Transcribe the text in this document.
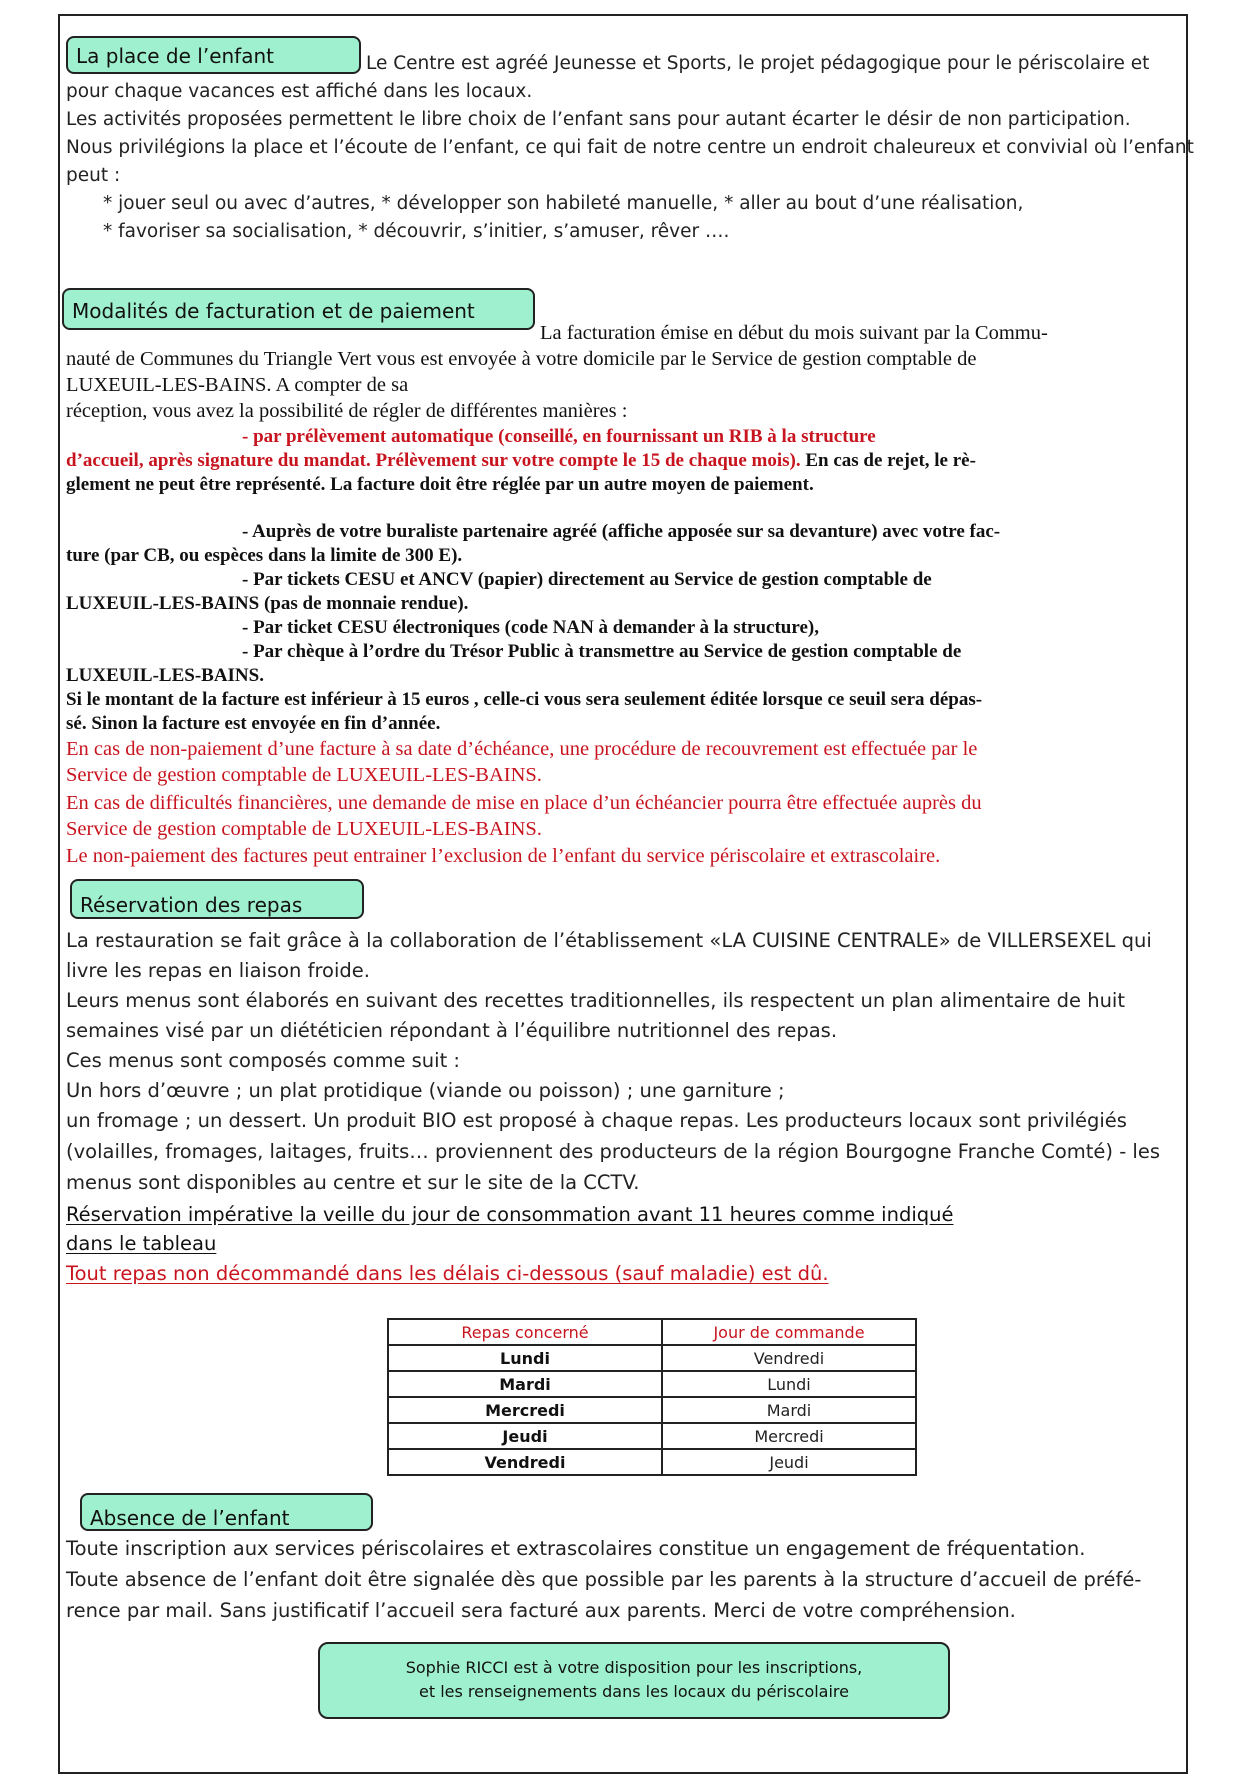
La place de l’enfant	Le Centre est agréé Jeunesse et Sports, le projet pédagogique pour le périscolaire et
pour chaque vacances est affiché dans les locaux.
Les activités proposées permettent le libre choix de l’enfant sans pour autant écarter le désir de non participation.
Nous privilégions la place et l’écoute de l’enfant, ce qui fait de notre centre un endroit chaleureux et convivial où l’enfant
peut :
* jouer seul ou avec d’autres, * développer son habileté manuelle, * aller au bout d’une réalisation,
* favoriser sa socialisation, * découvrir, s’initier, s’amuser, rêver ….
Modalités de facturation et de paiement
La facturation émise en début du mois suivant par la Commu-
nauté de Communes du Triangle Vert vous est envoyée à votre domicile par le Service de gestion comptable de
LUXEUIL-LES-BAINS. A compter de sa
réception, vous avez la possibilité de régler de différentes manières :
- par prélèvement automatique (conseillé, en fournissant un RIB à la structure
d’accueil, après signature du mandat. Prélèvement sur votre compte le 15 de chaque mois). En cas de rejet, le rè-
glement ne peut être représenté. La facture doit être réglée par un autre moyen de paiement.
- Auprès de votre buraliste partenaire agréé (affiche apposée sur sa devanture) avec votre fac-
ture (par CB, ou espèces dans la limite de 300 E).
- Par tickets CESU et ANCV (papier) directement au Service de gestion comptable de
LUXEUIL-LES-BAINS (pas de monnaie rendue).
- Par ticket CESU électroniques (code NAN à demander à la structure),
- Par chèque à l’ordre du Trésor Public à transmettre au Service de gestion comptable de
LUXEUIL-LES-BAINS.
Si le montant de la facture est inférieur à 15 euros , celle-ci vous sera seulement éditée lorsque ce seuil sera dépas-
sé. Sinon la facture est envoyée en fin d’année.
En cas de non-paiement d’une facture à sa date d’échéance, une procédure de recouvrement est effectuée par le
Service de gestion comptable de LUXEUIL-LES-BAINS.
En cas de difficultés financières, une demande de mise en place d’un échéancier pourra être effectuée auprès du
Service de gestion comptable de LUXEUIL-LES-BAINS.
Le non-paiement des factures peut entrainer l’exclusion de l’enfant du service périscolaire et extrascolaire.
Réservation des repas
La restauration se fait grâce à la collaboration de l’établissement «LA CUISINE CENTRALE» de VILLERSEXEL qui
livre les repas en liaison froide.
Leurs menus sont élaborés en suivant des recettes traditionnelles, ils respectent un plan alimentaire de huit
semaines visé par un diététicien répondant à l’équilibre nutritionnel des repas.
Ces menus sont composés comme suit :
Un hors d’œuvre ; un plat protidique (viande ou poisson) ; une garniture ;
un fromage ; un dessert. Un produit BIO est proposé à chaque repas. Les producteurs locaux sont privilégiés
(volailles, fromages, laitages, fruits… proviennent des producteurs de la région Bourgogne Franche Comté) - les
menus sont disponibles au centre et sur le site de la CCTV.
Réservation impérative la veille du jour de consommation avant 11 heures comme indiqué
dans le tableau
Tout repas non décommandé dans les délais ci-dessous (sauf maladie) est dû.
Repas concerné	Jour de commande
Lundi	Vendredi
Mardi	Lundi
Mercredi	Mardi
Jeudi	Mercredi
Vendredi	Jeudi
Absence de l’enfant
Toute inscription aux services périscolaires et extrascolaires constitue un engagement de fréquentation.
Toute absence de l’enfant doit être signalée dès que possible par les parents à la structure d’accueil de préfé-
rence par mail. Sans justificatif l’accueil sera facturé aux parents. Merci de votre compréhension.
Sophie RICCI est à votre disposition pour les inscriptions,
et les renseignements dans les locaux du périscolaire
